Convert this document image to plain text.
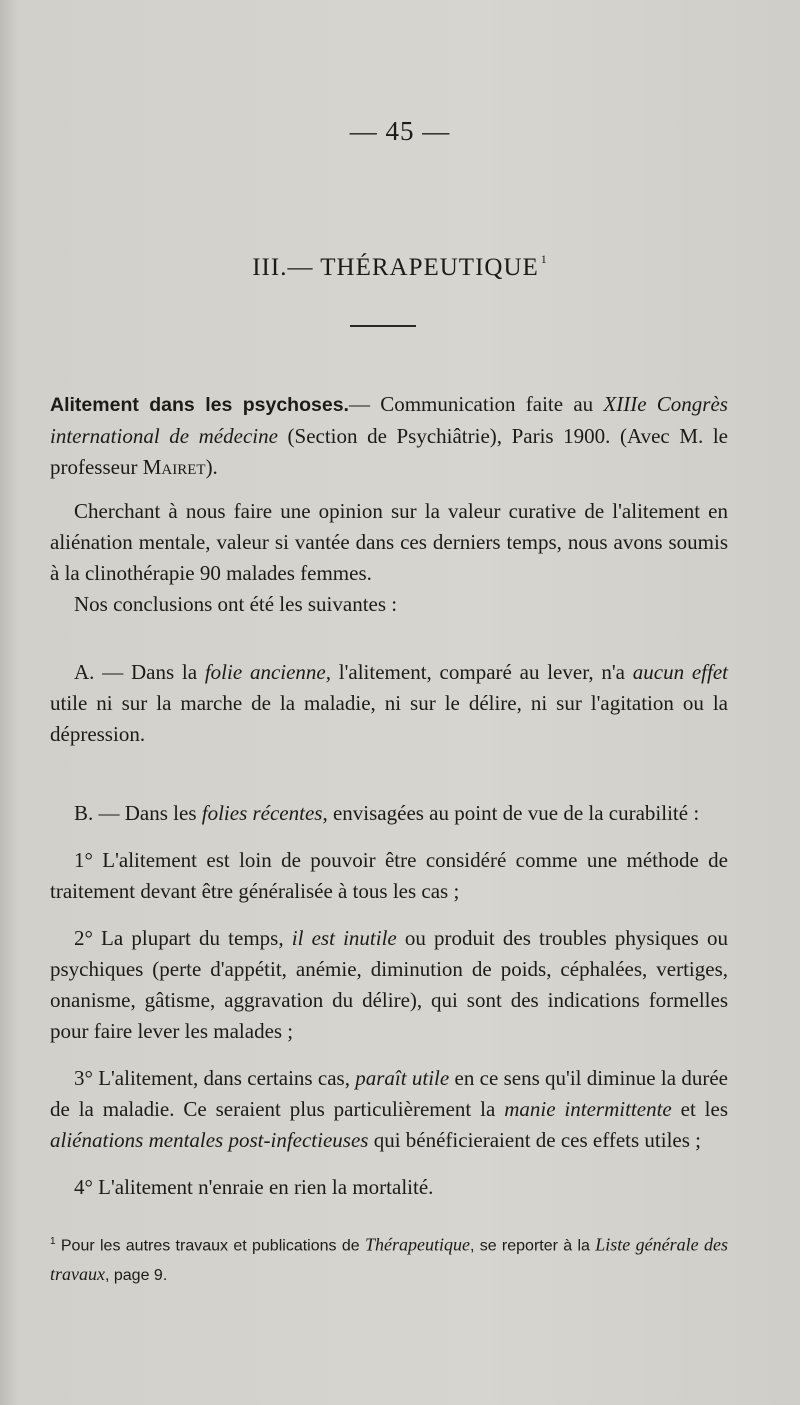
— 45 —
III.— THÉRAPEUTIQUE $^1$

Alitement dans les psychoses.— Communication faite au XIIIe Congrès international de médecine (Section de Psychiâtrie), Paris 1900. (Avec M. le professeur Mairet).

Cherchant à nous faire une opinion sur la valeur curative de l'alitement en aliénation mentale, valeur si vantée dans ces derniers temps, nous avons soumis à la clinothérapie 90 malades femmes.

Nos conclusions ont été les suivantes :

A. — Dans la folie ancienne, l'alitement, comparé au lever, n'a aucun effet utile ni sur la marche de la maladie, ni sur le délire, ni sur l'agitation ou la dépression.

B. — Dans les folies récentes, envisagées au point de vue de la curabilité :

1° L'alitement est loin de pouvoir être considéré comme une méthode de traitement devant être généralisée à tous les cas ;

2° La plupart du temps, il est inutile ou produit des troubles physiques ou psychiques (perte d'appétit, anémie, diminution de poids, céphalées, vertiges, onanisme, gâtisme, aggravation du délire), qui sont des indications formelles pour faire lever les malades ;

3° L'alitement, dans certains cas, paraît utile en ce sens qu'il diminue la durée de la maladie. Ce seraient plus particulièrement la manie intermittente et les aliénations mentales post-infectieuses qui bénéficieraient de ces effets utiles ;

4° L'alitement n'enraie en rien la mortalité.

$^1$ Pour les autres travaux et publications de Thérapeutique, se reporter à la Liste générale des travaux, page 9.
